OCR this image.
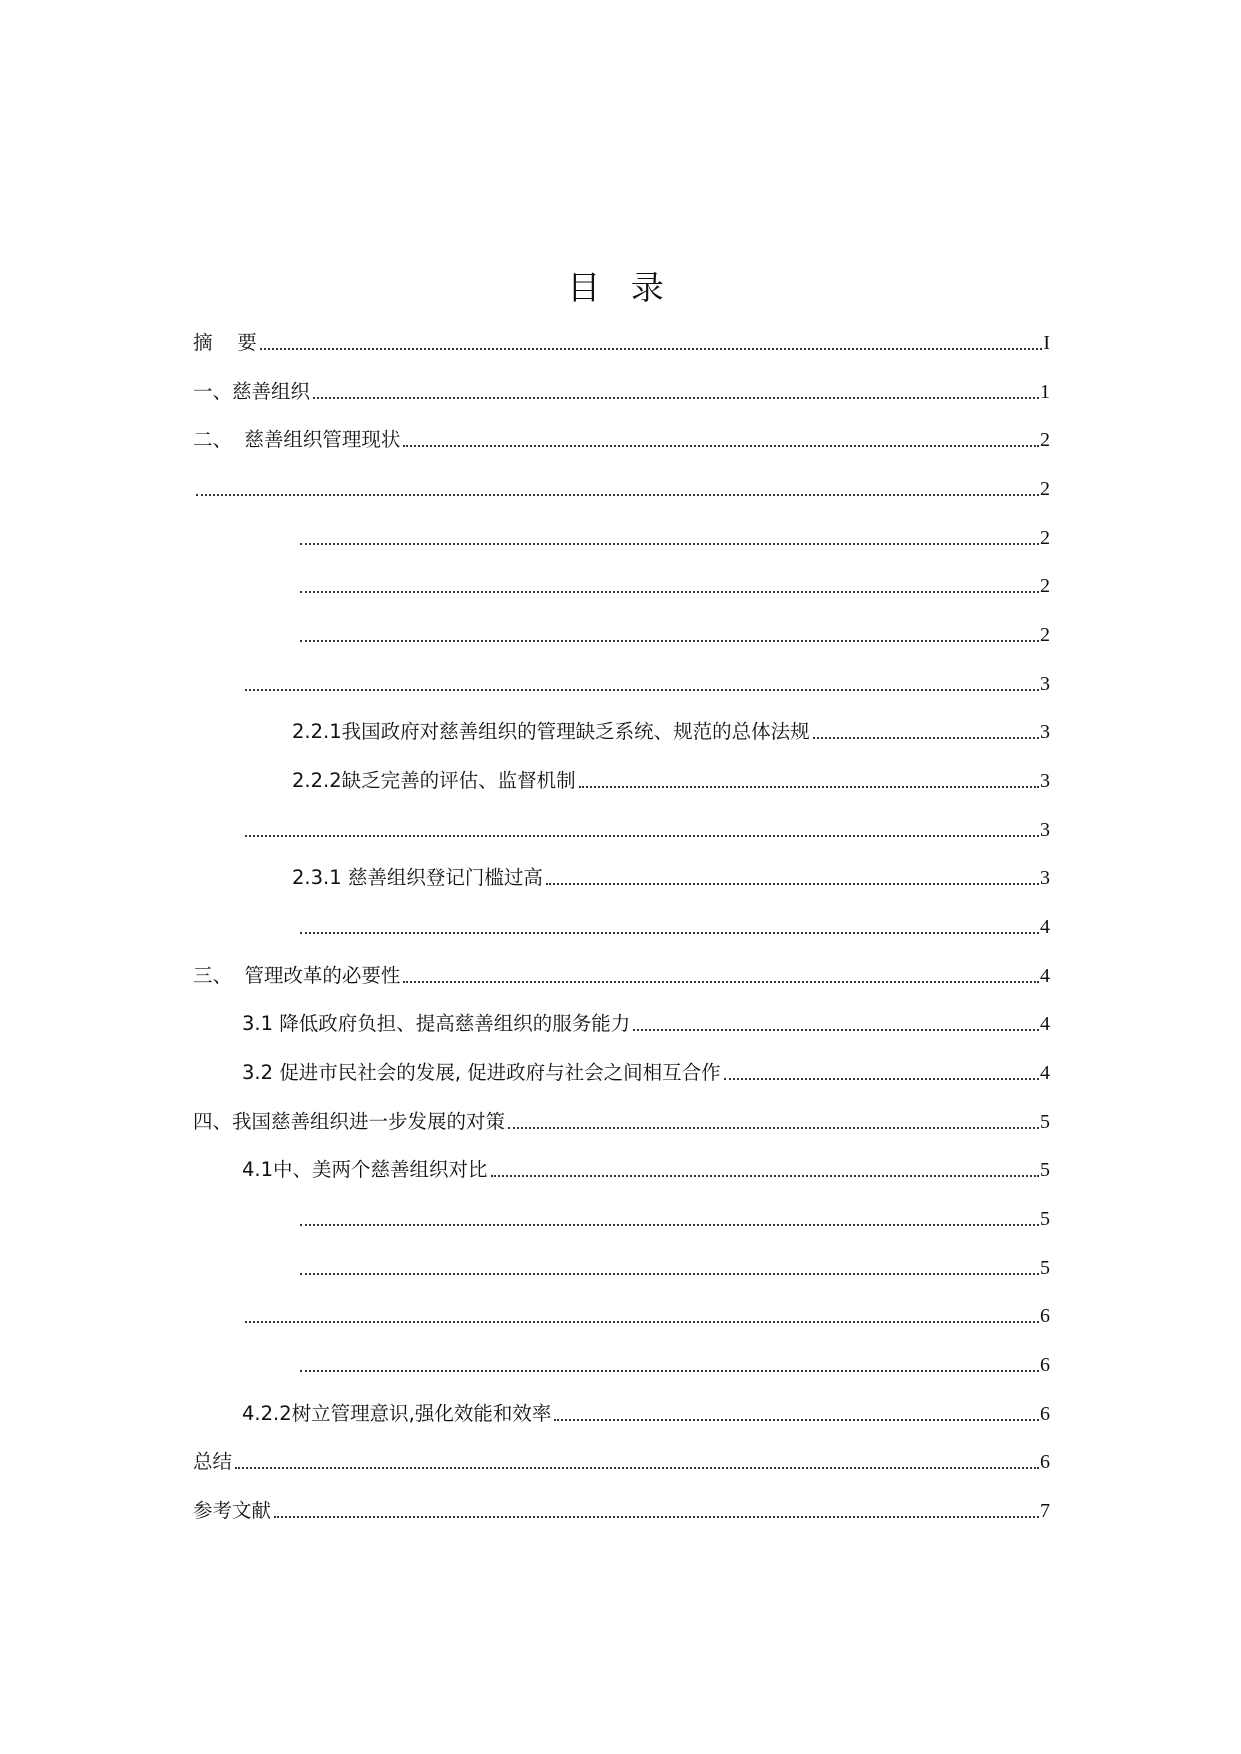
目 录
摘    要	I
一、慈善组织	1
二、  慈善组织管理现状	2
2
2
2
2
3
2.2.1我国政府对慈善组织的管理缺乏系统、规范的总体法规	3
2.2.2缺乏完善的评估、监督机制	3
3
2.3.1 慈善组织登记门槛过高	3
4
三、  管理改革的必要性	4
3.1 降低政府负担、提高慈善组织的服务能力	4
3.2 促进市民社会的发展, 促进政府与社会之间相互合作	4
四、我国慈善组织进一步发展的对策	5
4.1中、美两个慈善组织对比	5
5
5
6
6
4.2.2树立管理意识,强化效能和效率	6
总结	6
参考文献	7
